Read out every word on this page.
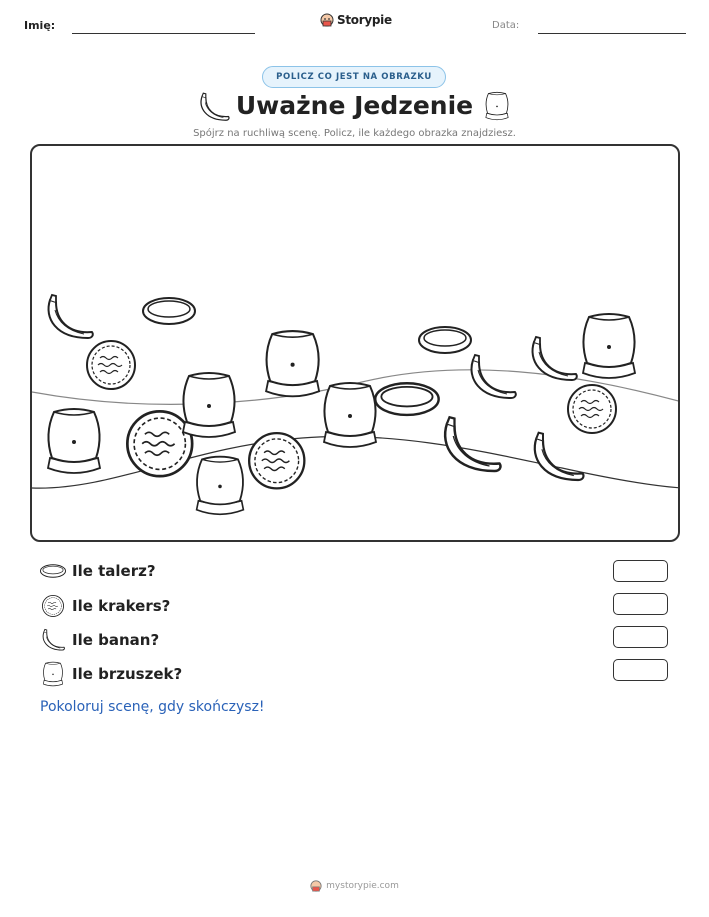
Imię:	Storypie	Data:
POLICZ CO JEST NA OBRAZKU
Uważne Jedzenie
Spójrz na ruchliwą scenę. Policz, ile każdego obrazka znajdziesz.
Ile talerz?
Ile krakers?
Ile banan?
Ile brzuszek?
Pokoloruj scenę, gdy skończysz!
mystorypie.com
